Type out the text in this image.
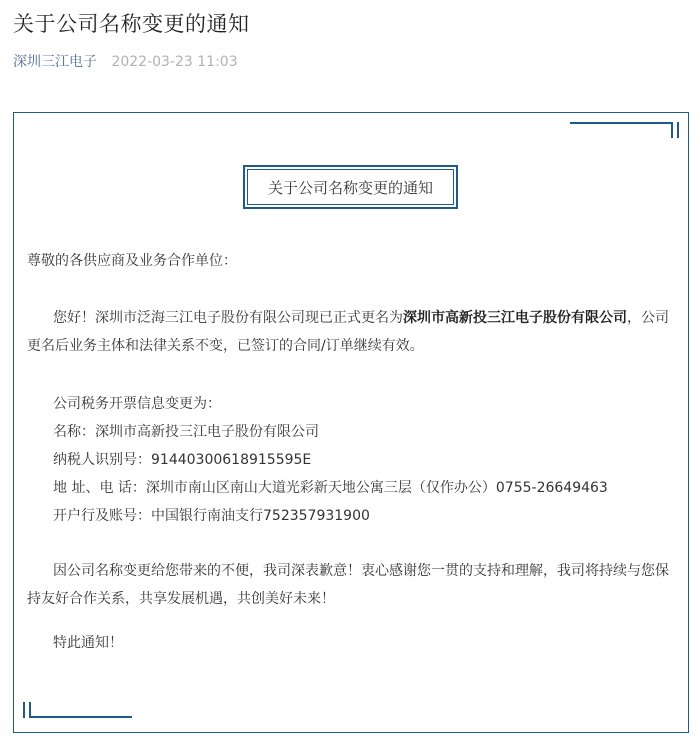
关于公司名称变更的通知
深圳三江电子 2022-03-23 11:03
关于公司名称变更的通知

尊敬的各供应商及业务合作单位：

您好！深圳市泛海三江电子股份有限公司现已正式更名为深圳市高新投三江电子股份有限公司，公司更名后业务主体和法律关系不变，已签订的合同/订单继续有效。

公司税务开票信息变更为：

名称：深圳市高新投三江电子股份有限公司

纳税人识别号：91440300618915595E

地 址、电 话：深圳市南山区南山大道光彩新天地公寓三层（仅作办公）0755-26649463

开户行及账号：中国银行南油支行752357931900

因公司名称变更给您带来的不便，我司深表歉意！衷心感谢您一贯的支持和理解，我司将持续与您保持友好合作关系，共享发展机遇，共创美好未来！

特此通知！
